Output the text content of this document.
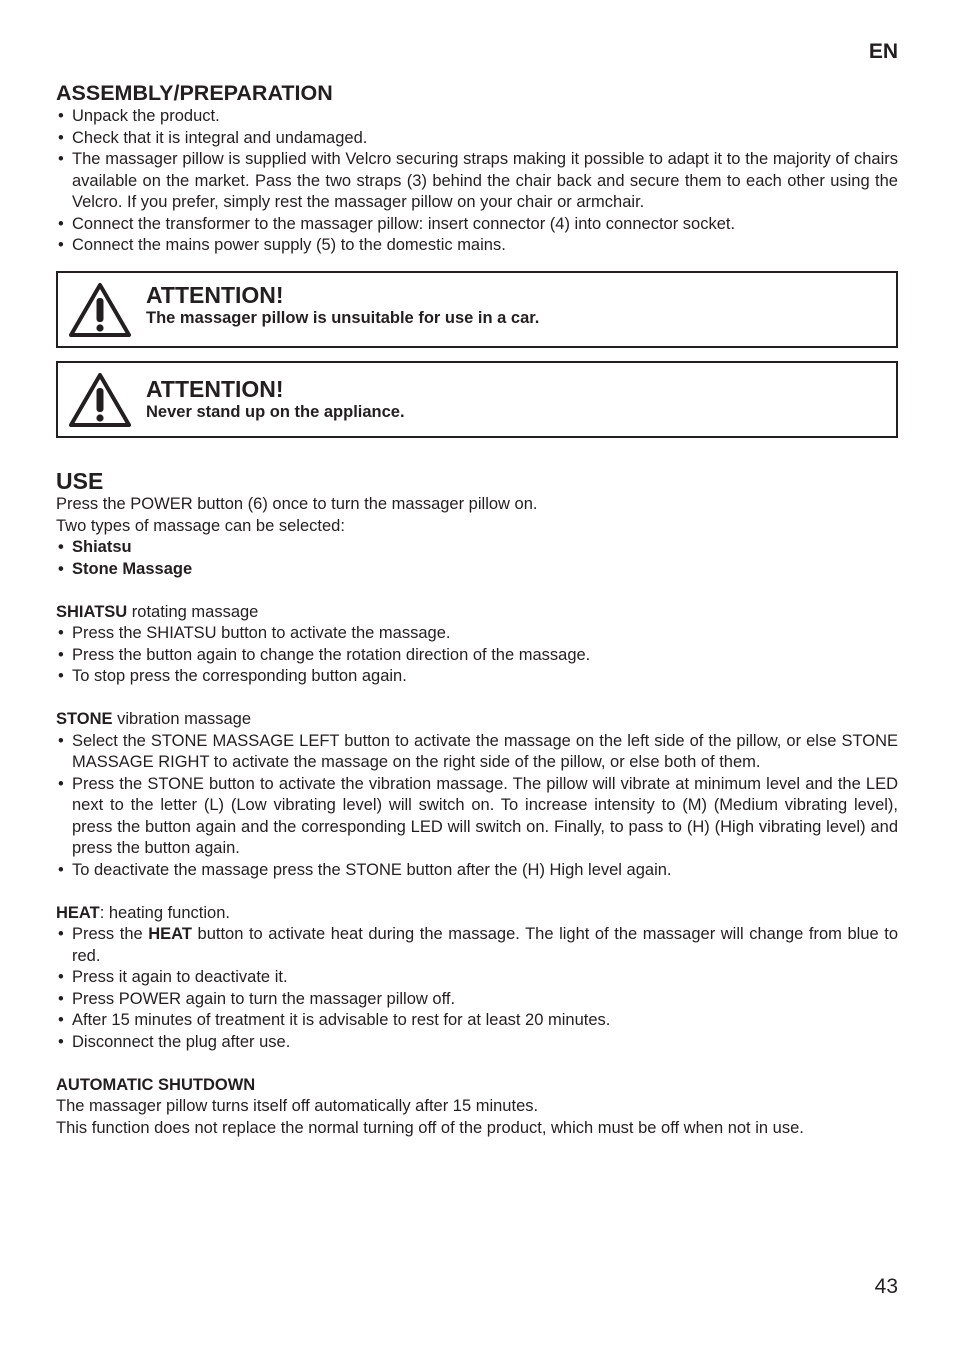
EN
ASSEMBLY/PREPARATION
• Unpack the product.
• Check that it is integral and undamaged.
• The massager pillow is supplied with Velcro securing straps making it possible to adapt it to the majority of chairs available on the market. Pass the two straps (3) behind the chair back and secure them to each other using the Velcro. If you prefer, simply rest the massager pillow on your chair or armchair.
• Connect the transformer to the massager pillow: insert connector (4) into connector socket.
• Connect the mains power supply (5) to the domestic mains.
ATTENTION!
The massager pillow is unsuitable for use in a car.
ATTENTION!
Never stand up on the appliance.
USE

Press the POWER button (6) once to turn the massager pillow on.

Two types of massage can be selected:

• Shiatsu
• Stone Massage

SHIATSU rotating massage

• Press the SHIATSU button to activate the massage.
• Press the button again to change the rotation direction of the massage.
• To stop press the corresponding button again.

STONE vibration massage

• Select the STONE MASSAGE LEFT button to activate the massage on the left side of the pillow, or else STONE MASSAGE RIGHT to activate the massage on the right side of the pillow, or else both of them.
• Press the STONE button to activate the vibration massage. The pillow will vibrate at minimum level and the LED next to the letter (L) (Low vibrating level) will switch on. To increase intensity to (M) (Medium vibrating level), press the button again and the corresponding LED will switch on. Finally, to pass to (H) (High vibrating level) and press the button again.
• To deactivate the massage press the STONE button after the (H) High level again.

HEAT: heating function.

• Press the HEAT button to activate heat during the massage. The light of the massager will change from blue to red.
• Press it again to deactivate it.
• Press POWER again to turn the massager pillow off.
• After 15 minutes of treatment it is advisable to rest for at least 20 minutes.
• Disconnect the plug after use.

AUTOMATIC SHUTDOWN

The massager pillow turns itself off automatically after 15 minutes.

This function does not replace the normal turning off of the product, which must be off when not in use.

43
